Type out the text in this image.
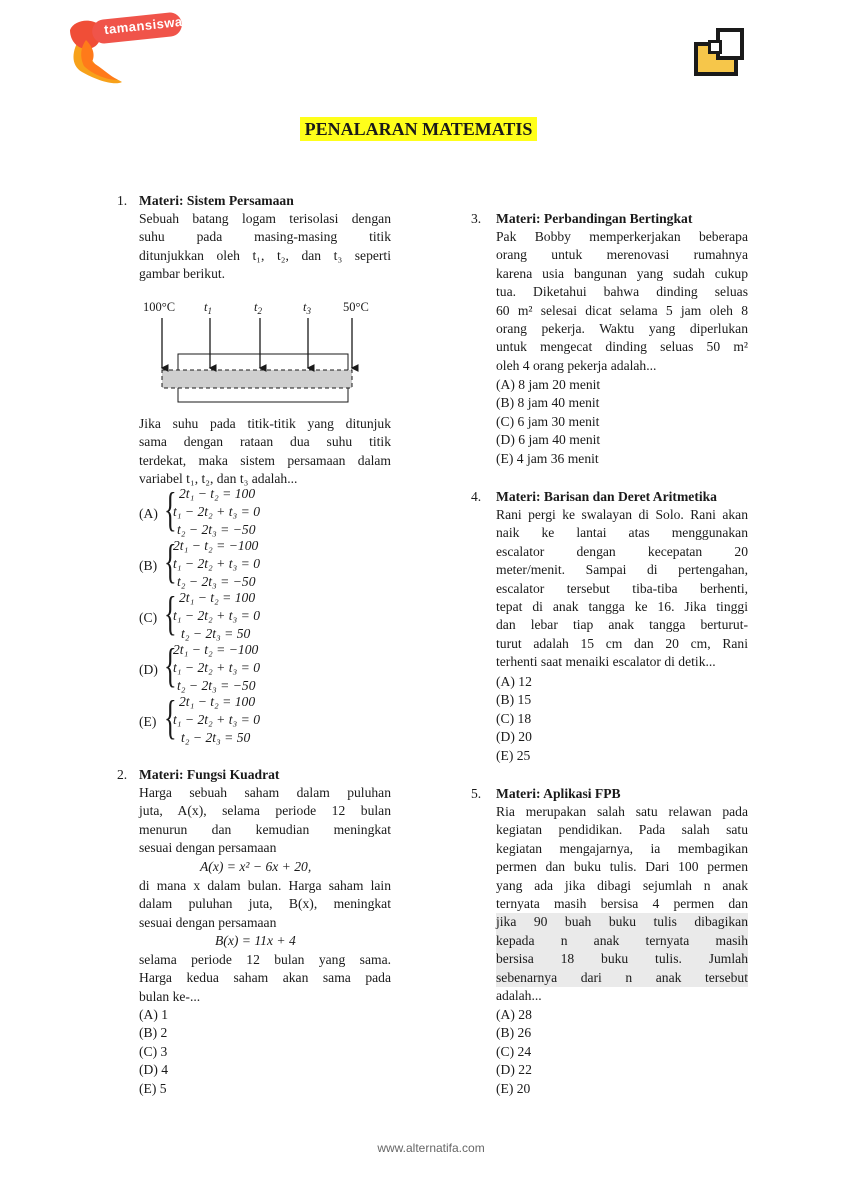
tamansiswa
PENALARAN MATEMATIS
1. Materi: Sistem Persamaan
Sebuah batang logam terisolasi dengan
suhu pada masing-masing titik
ditunjukkan oleh t₁, t₂, dan t₃ seperti
gambar berikut.
100°C $t_1$	$t_2$	$t_3$	50°C
Jika suhu pada titik-titik yang ditunjuk
sama dengan rataan dua suhu titik
terdekat, maka sistem persamaan dalam
variabel t₁, t₂, dan t₃ adalah...
(A) { 2t₁ − t₂ = 100
t₁ − 2t₂ + t₃ = 0
t₂ − 2t₃ = −50
(B) {
2t₁ − t₂ = −100
t₁ − 2t₂ + t₃ = 0
t₂ − 2t₃ = −50
(C) { 2t₁ − t₂ = 100
t₁ − 2t₂ + t₃ = 0
t₂ − 2t₃ = 50
(D) {
2t₁ − t₂ = −100
t₁ − 2t₂ + t₃ = 0
t₂ − 2t₃ = −50
(E) { 2t₁ − t₂ = 100
t₁ − 2t₂ + t₃ = 0
t₂ − 2t₃ = 50
2. Materi: Fungsi Kuadrat
Harga sebuah saham dalam puluhan
juta, A(x), selama periode 12 bulan
menurun dan kemudian meningkat
sesuai dengan persamaan
A(x) = x² − 6x + 20,
di mana x dalam bulan. Harga saham lain
dalam puluhan juta, B(x), meningkat
sesuai dengan persamaan
B(x) = 11x + 4
selama periode 12 bulan yang sama.
Harga kedua saham akan sama pada
bulan ke-...
(A) 1
(B) 2
(C) 3
(D) 4
(E) 5
3. Materi: Perbandingan Bertingkat
Pak Bobby memperkerjakan beberapa
orang untuk merenovasi rumahnya
karena usia bangunan yang sudah cukup
tua. Diketahui bahwa dinding seluas
60 m² selesai dicat selama 5 jam oleh 8
orang pekerja. Waktu yang diperlukan
untuk mengecat dinding seluas 50 m²
oleh 4 orang pekerja adalah...
(A) 8 jam 20 menit
(B) 8 jam 40 menit
(C) 6 jam 30 menit
(D) 6 jam 40 menit
(E) 4 jam 36 menit
4. Materi: Barisan dan Deret Aritmetika
Rani pergi ke swalayan di Solo. Rani akan
naik ke lantai atas menggunakan
escalator dengan kecepatan 20
meter/menit. Sampai di pertengahan,
escalator tersebut tiba-tiba berhenti,
tepat di anak tangga ke 16. Jika tinggi
dan lebar tiap anak tangga berturut-
turut adalah 15 cm dan 20 cm, Rani
terhenti saat menaiki escalator di detik...
(A) 12
(B) 15
(C) 18
(D) 20
(E) 25
5. Materi: Aplikasi FPB
Ria merupakan salah satu relawan pada
kegiatan pendidikan. Pada salah satu
kegiatan mengajarnya, ia membagikan
permen dan buku tulis. Dari 100 permen
yang ada jika dibagi sejumlah n anak
ternyata masih bersisa 4 permen dan
jika 90 buah buku tulis dibagikan
kepada n anak ternyata masih
bersisa 18 buku tulis. Jumlah
sebenarnya dari n anak tersebut
adalah...
(A) 28
(B) 26
(C) 24
(D) 22
(E) 20
www.alternatifa.com
